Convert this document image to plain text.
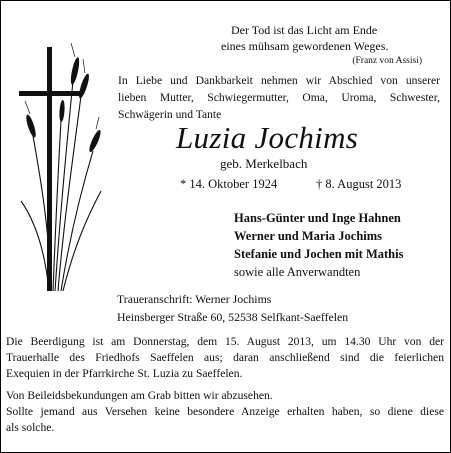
Der Tod ist das Licht am Ende
eines mühsam gewordenen Weges.
(Franz von Assisi)
In Liebe und Dankbarkeit nehmen wir Abschied von unserer
lieben Mutter, Schwiegermutter, Oma, Uroma, Schwester,
Schwägerin und Tante
Luzia Jochims
geb. Merkelbach
* 14. Oktober 1924	† 8. August 2013
Hans-Günter und Inge Hahnen
Werner und Maria Jochims
Stefanie und Jochen mit Mathis
sowie alle Anverwandten
Traueranschrift: Werner Jochims
Heinsberger Straße 60, 52538 Selfkant-Saeffelen
Die Beerdigung ist am Donnerstag, dem 15. August 2013, um 14.30 Uhr von der
Trauerhalle des Friedhofs Saeffelen aus; daran anschließend sind die feierlichen
Exequien in der Pfarrkirche St. Luzia zu Saeffelen.
Von Beileidsbekundungen am Grab bitten wir abzusehen.
Sollte jemand aus Versehen keine besondere Anzeige erhalten haben, so diene diese
als solche.
